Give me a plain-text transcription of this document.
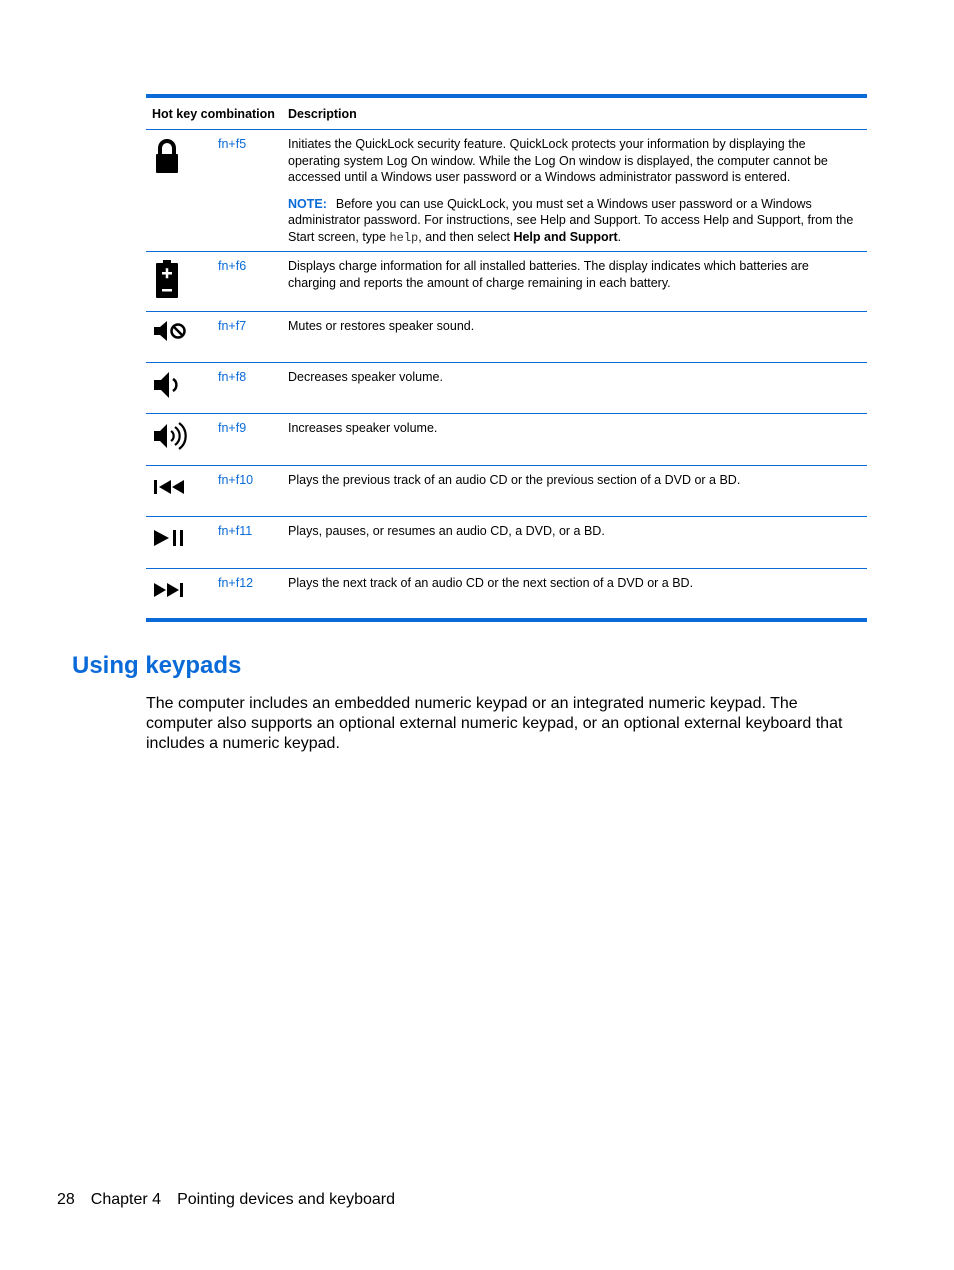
Hot key combination		Description

	fn+f5	Initiates the QuickLock security feature. QuickLock protects your information by displaying the operating system Log On window. While the Log On window is displayed, the computer cannot be accessed until a Windows user password or a Windows administrator password is entered.

NOTE: Before you can use QuickLock, you must set a Windows user password or a Windows administrator password. For instructions, see Help and Support. To access Help and Support, from the Start screen, type help, and then select Help and Support.

	fn+f6	Displays charge information for all installed batteries. The display indicates which batteries are charging and reports the amount of charge remaining in each battery.

	fn+f7	Mutes or restores speaker sound.

	fn+f8	Decreases speaker volume.

	fn+f9	Increases speaker volume.

	fn+f10	Plays the previous track of an audio CD or the previous section of a DVD or a BD.

	fn+f11	Plays, pauses, or resumes an audio CD, a DVD, or a BD.

	fn+f12	Plays the next track of an audio CD or the next section of a DVD or a BD.
Using keypads

The computer includes an embedded numeric keypad or an integrated numeric keypad. The computer also supports an optional external numeric keypad, or an optional external keyboard that includes a numeric keypad.

28 Chapter 4 Pointing devices and keyboard
